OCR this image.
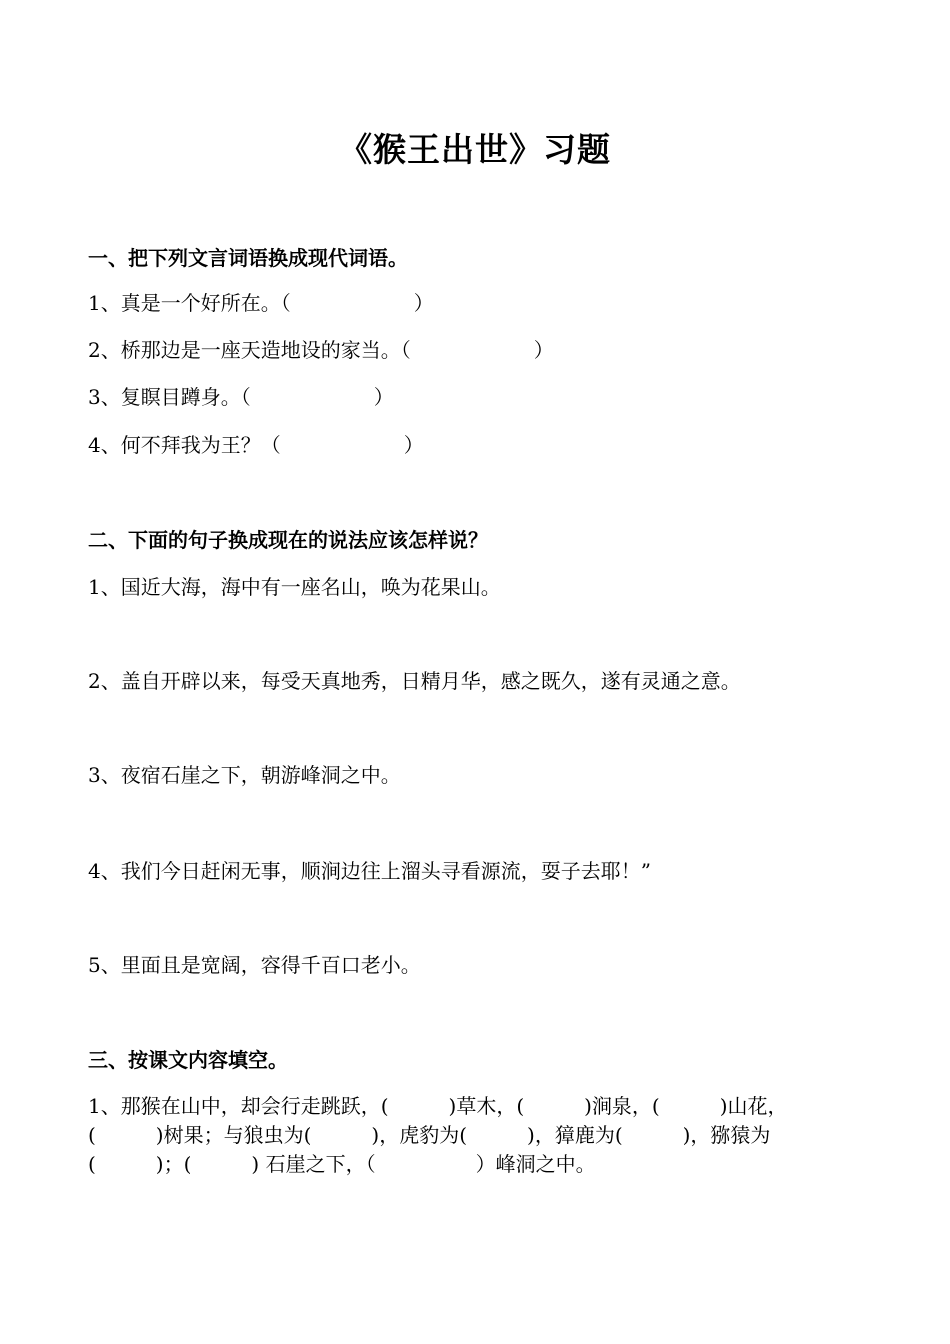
《猴王出世》习题
一、把下列文言词语换成现代词语。
1、真是一个好所在。（	）
2、桥那边是一座天造地设的家当。（	）
3、复瞑目蹲身。（	）
4、何不拜我为王？（	）
二、下面的句子换成现在的说法应该怎样说？
1、国近大海，海中有一座名山，唤为花果山。
2、盖自开辟以来，每受天真地秀，日精月华，感之既久，遂有灵通之意。
3、夜宿石崖之下，朝游峰洞之中。
4、我们今日赶闲无事，顺涧边往上溜头寻看源流，耍子去耶！”
5、里面且是宽阔，容得千百口老小。
三、按课文内容填空。
1、那猴在山中，却会行走跳跃，(　　　)草木，(　　　)涧泉，(　　　)山花，(　　　)树果；与狼虫为(　　　)，虎豹为(　　　)，獐鹿为(　　　)，猕猿为(　　　)；(　　　) 石崖之下，（　　　　　）峰洞之中。
